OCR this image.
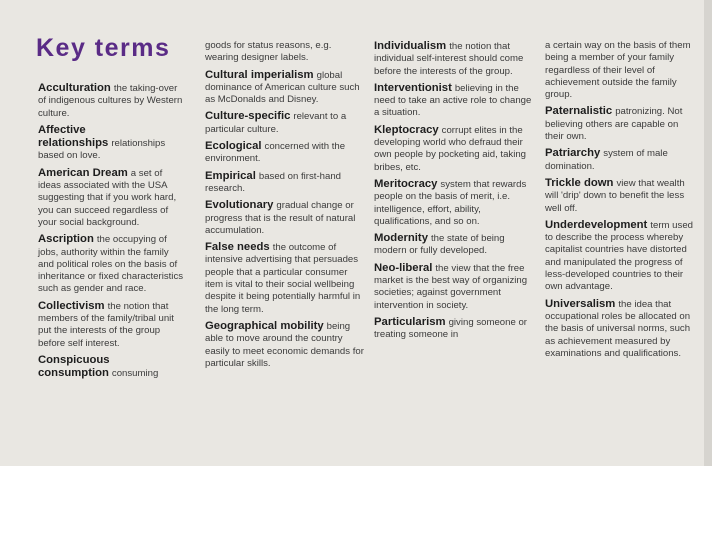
Key terms
Acculturation the taking-over of indigenous cultures by Western culture.
Affective relationships relationships based on love.
American Dream a set of ideas associated with the USA suggesting that if you work hard, you can succeed regardless of your social background.
Ascription the occupying of jobs, authority within the family and political roles on the basis of inheritance or fixed characteristics such as gender and race.
Collectivism the notion that members of the family/tribal unit put the interests of the group before self interest.
Conspicuous consumption consuming
goods for status reasons, e.g. wearing designer labels.
Cultural imperialism global dominance of American culture such as McDonalds and Disney.
Culture-specific relevant to a particular culture.
Ecological concerned with the environment.
Empirical based on first-hand research.
Evolutionary gradual change or progress that is the result of natural accumulation.
False needs the outcome of intensive advertising that persuades people that a particular consumer item is vital to their social wellbeing despite it being potentially harmful in the long term.
Geographical mobility being able to move around the country easily to meet economic demands for particular skills.
Individualism the notion that individual self-interest should come before the interests of the group.
Interventionist believing in the need to take an active role to change a situation.
Kleptocracy corrupt elites in the developing world who defraud their own people by pocketing aid, taking bribes, etc.
Meritocracy system that rewards people on the basis of merit, i.e. intelligence, effort, ability, qualifications, and so on.
Modernity the state of being modern or fully developed.
Neo-liberal the view that the free market is the best way of organizing societies; against government intervention in society.
Particularism giving someone or treating someone in
a certain way on the basis of them being a member of your family regardless of their level of achievement outside the family group.
Paternalistic patronizing. Not believing others are capable on their own.
Patriarchy system of male domination.
Trickle down view that wealth will 'drip' down to benefit the less well off.
Underdevelopment term used to describe the process whereby capitalist countries have distorted and manipulated the progress of less-developed countries to their own advantage.
Universalism the idea that occupational roles be allocated on the basis of universal norms, such as achievement measured by examinations and qualifications.
